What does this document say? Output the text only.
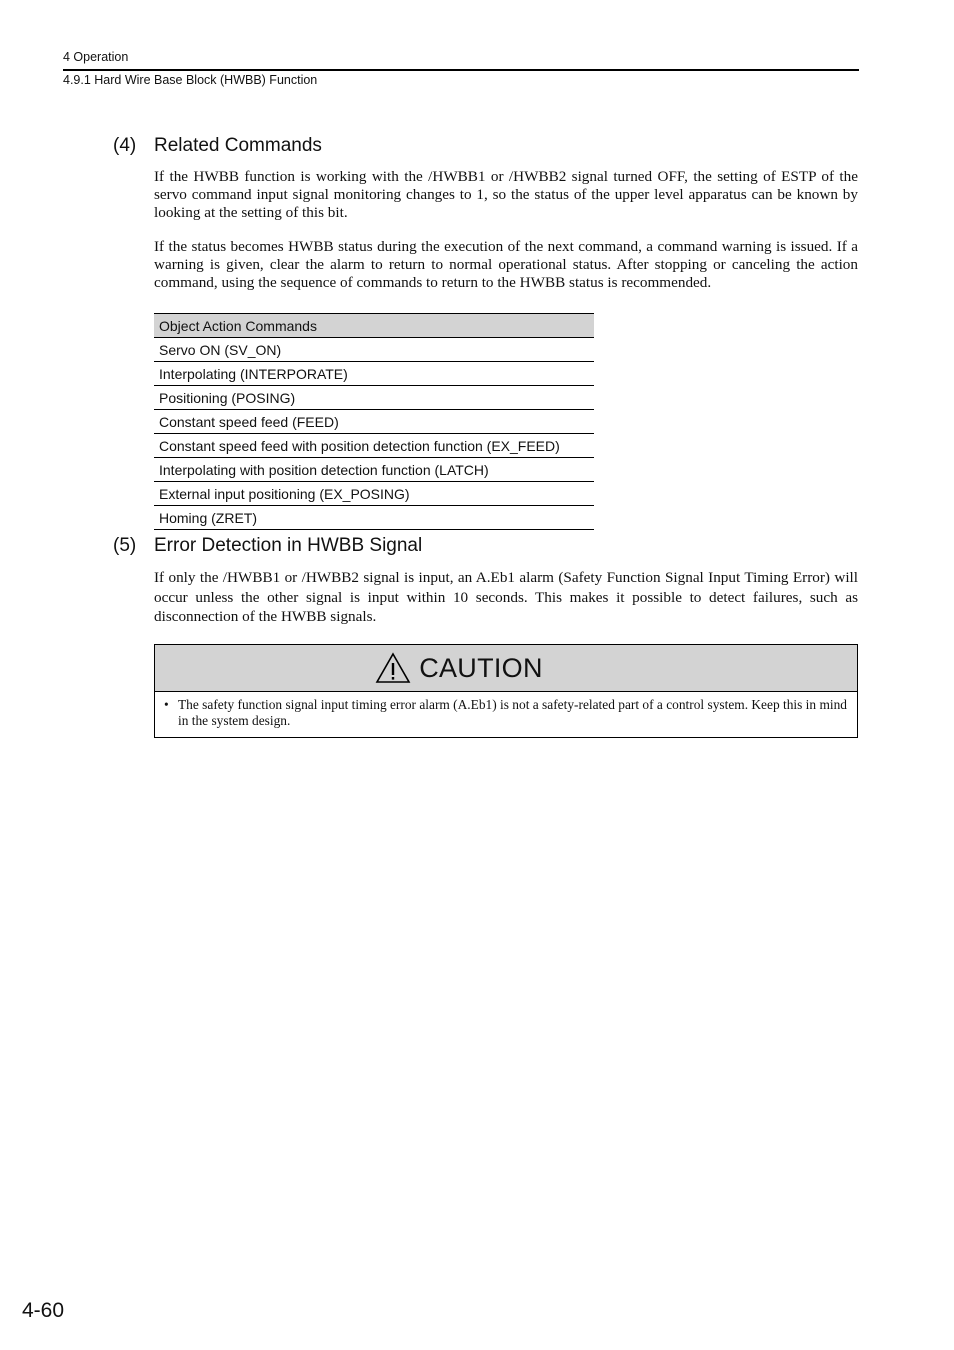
4 Operation
4.9.1 Hard Wire Base Block (HWBB) Function
(4) Related Commands

If the HWBB function is working with the /HWBB1 or /HWBB2 signal turned OFF, the setting of ESTP of the servo command input signal monitoring changes to 1, so the status of the upper level apparatus can be known by looking at the setting of this bit.

If the status becomes HWBB status during the execution of the next command, a command warning is issued. If a warning is given, clear the alarm to return to normal operational status. After stopping or canceling the action command, using the sequence of commands to return to the HWBB status is recommended.

Object Action Commands
Servo ON (SV_ON)
Interpolating (INTERPORATE)
Positioning (POSING)
Constant speed feed (FEED)
Constant speed feed with position detection function (EX_FEED)
Interpolating with position detection function (LATCH)
External input positioning (EX_POSING)
Homing (ZRET)
(5) Error Detection in HWBB Signal

If only the /HWBB1 or /HWBB2 signal is input, an A.Eb1 alarm (Safety Function Signal Input Timing Error) will occur unless the other signal is input within 10 seconds. This makes it possible to detect failures, such as disconnection of the HWBB signals.

CAUTION
• The safety function signal input timing error alarm (A.Eb1) is not a safety-related part of a control system. Keep this in mind in the system design.
4-60
